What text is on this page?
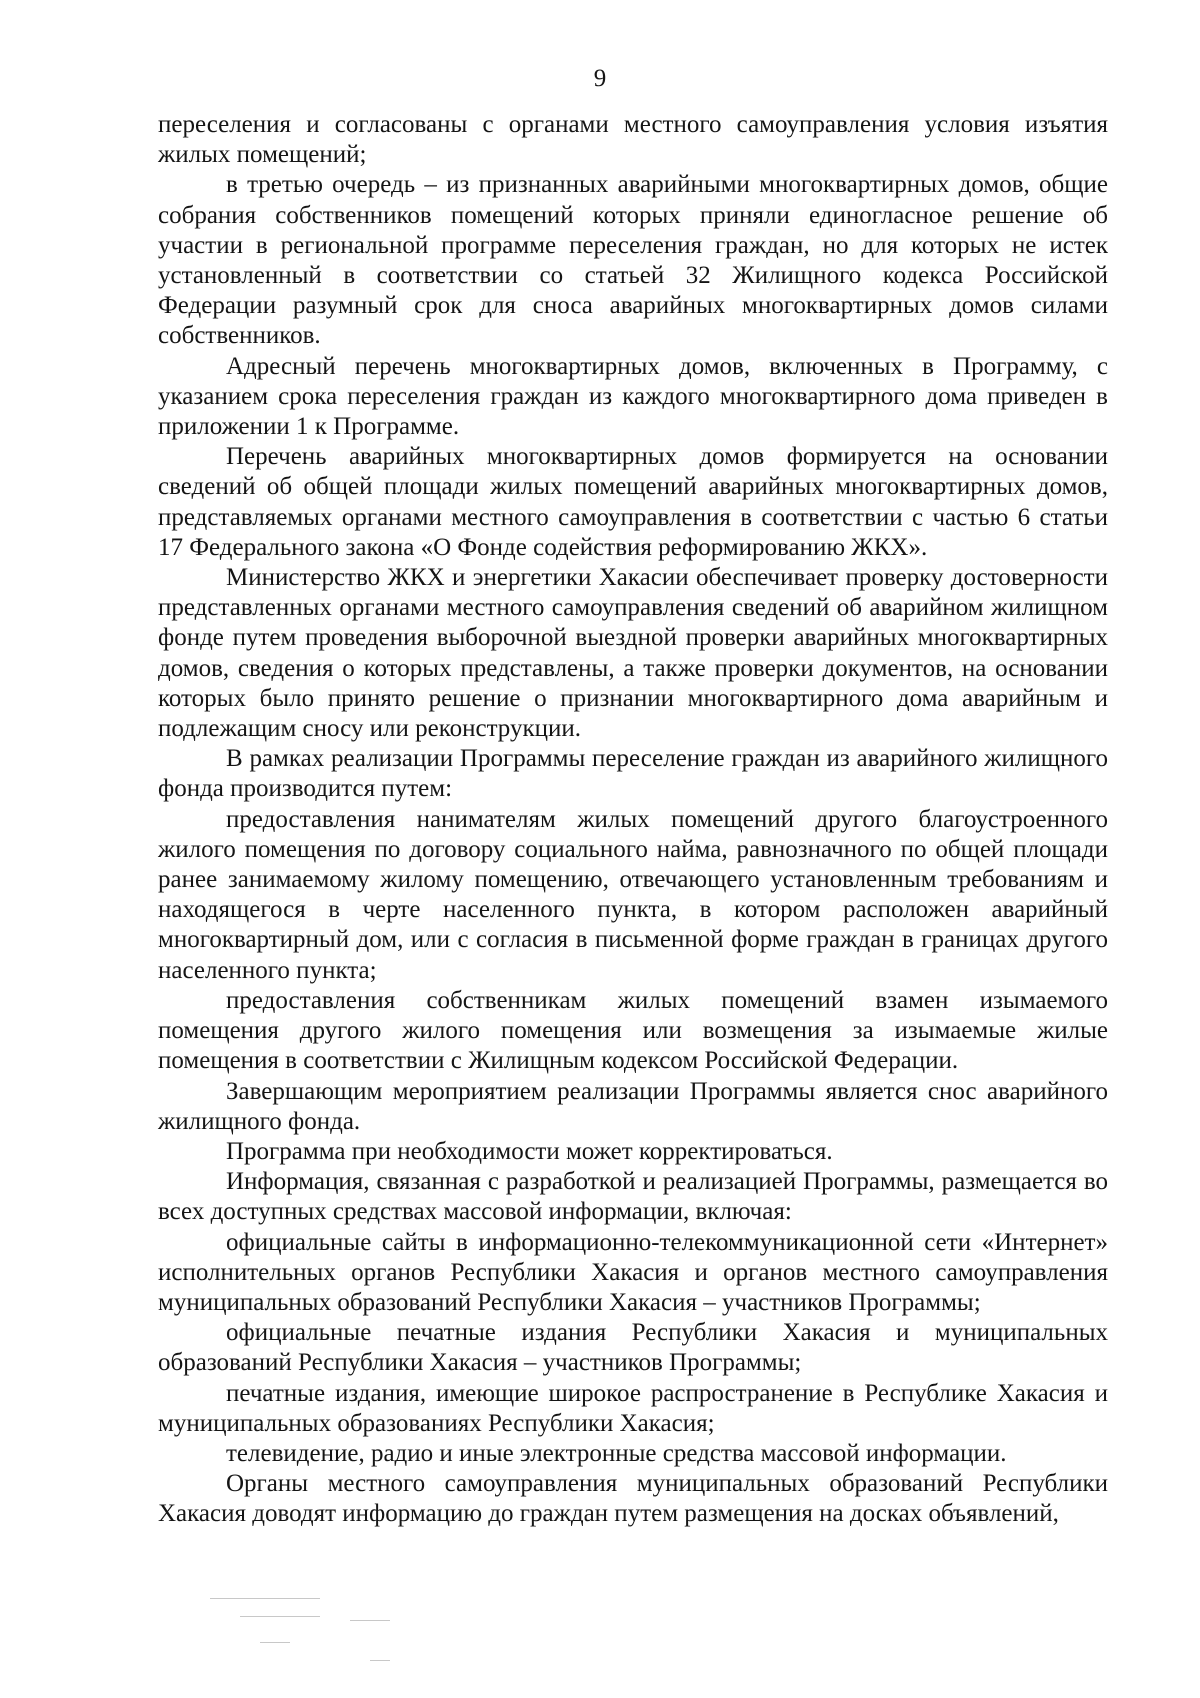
9

переселения и согласованы с органами местного самоуправления условия изъятия жилых помещений;

в третью очередь – из признанных аварийными многоквартирных домов, общие собрания собственников помещений которых приняли единогласное решение об участии в региональной программе переселения граждан, но для которых не истек установленный в соответствии со статьей 32 Жилищного кодекса Российской Федерации разумный срок для сноса аварийных многоквартирных домов силами собственников.

Адресный перечень многоквартирных домов, включенных в Программу, с указанием срока переселения граждан из каждого многоквартирного дома приведен в приложении 1 к Программе.

Перечень аварийных многоквартирных домов формируется на основании сведений об общей площади жилых помещений аварийных многоквартирных домов, представляемых органами местного самоуправления в соответствии с частью 6 статьи 17 Федерального закона «О Фонде содействия реформированию ЖКХ».

Министерство ЖКХ и энергетики Хакасии обеспечивает проверку достоверности представленных органами местного самоуправления сведений об аварийном жилищном фонде путем проведения выборочной выездной проверки аварийных многоквартирных домов, сведения о которых представлены, а также проверки документов, на основании которых было принято решение о признании многоквартирного дома аварийным и подлежащим сносу или реконструкции.

В рамках реализации Программы переселение граждан из аварийного жилищного фонда производится путем:

предоставления нанимателям жилых помещений другого благоустроенного жилого помещения по договору социального найма, равнозначного по общей площади ранее занимаемому жилому помещению, отвечающего установленным требованиям и находящегося в черте населенного пункта, в котором расположен аварийный многоквартирный дом, или с согласия в письменной форме граждан в границах другого населенного пункта;

предоставления собственникам жилых помещений взамен изымаемого помещения другого жилого помещения или возмещения за изымаемые жилые помещения в соответствии с Жилищным кодексом Российской Федерации.

Завершающим мероприятием реализации Программы является снос аварийного жилищного фонда.

Программа при необходимости может корректироваться.

Информация, связанная с разработкой и реализацией Программы, размещается во всех доступных средствах массовой информации, включая:

официальные сайты в информационно-телекоммуникационной сети «Интернет» исполнительных органов Республики Хакасия и органов местного самоуправления муниципальных образований Республики Хакасия – участников Программы;

официальные печатные издания Республики Хакасия и муниципальных образований Республики Хакасия – участников Программы;

печатные издания, имеющие широкое распространение в Республике Хакасия и муниципальных образованиях Республики Хакасия;

телевидение, радио и иные электронные средства массовой информации.

Органы местного самоуправления муниципальных образований Республики Хакасия доводят информацию до граждан путем размещения на досках объявлений,
